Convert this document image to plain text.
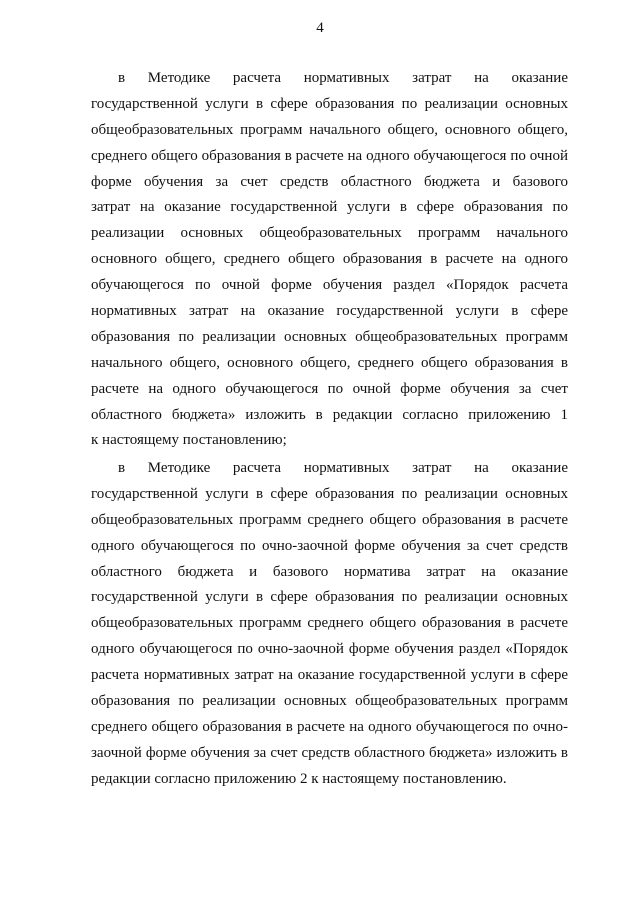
4
в Методике расчета нормативных затрат на оказание
государственной услуги в сфере образования по реализации основных
общеобразовательных программ начального общего, основного общего,
среднего общего образования в расчете на одного обучающегося по очной
форме обучения за счет средств областного бюджета и базового
затрат на оказание государственной услуги в сфере образования по
реализации основных общеобразовательных программ начального
основного общего, среднего общего образования в расчете на одного
обучающегося по очной форме обучения раздел «Порядок расчета
нормативных затрат на оказание государственной услуги в сфере
образования по реализации основных общеобразовательных программ
начального общего, основного общего, среднего общего образования в
расчете на одного обучающегося по очной форме обучения за счет
областного бюджета» изложить в редакции согласно приложению 1
к настоящему постановлению;
в Методике расчета нормативных затрат на оказание
государственной услуги в сфере образования по реализации основных
общеобразовательных программ среднего общего образования в расчете
одного обучающегося по очно-заочной форме обучения за счет средств
областного бюджета и базового норматива затрат на оказание
государственной услуги в сфере образования по реализации основных
общеобразовательных программ среднего общего образования в расчете
одного обучающегося по очно-заочной форме обучения раздел «Порядок
расчета нормативных затрат на оказание государственной услуги в сфере
образования по реализации основных общеобразовательных программ
среднего общего образования в расчете на одного обучающегося по очно-
заочной форме обучения за счет средств областного бюджета» изложить в
редакции согласно приложению 2 к настоящему постановлению.
